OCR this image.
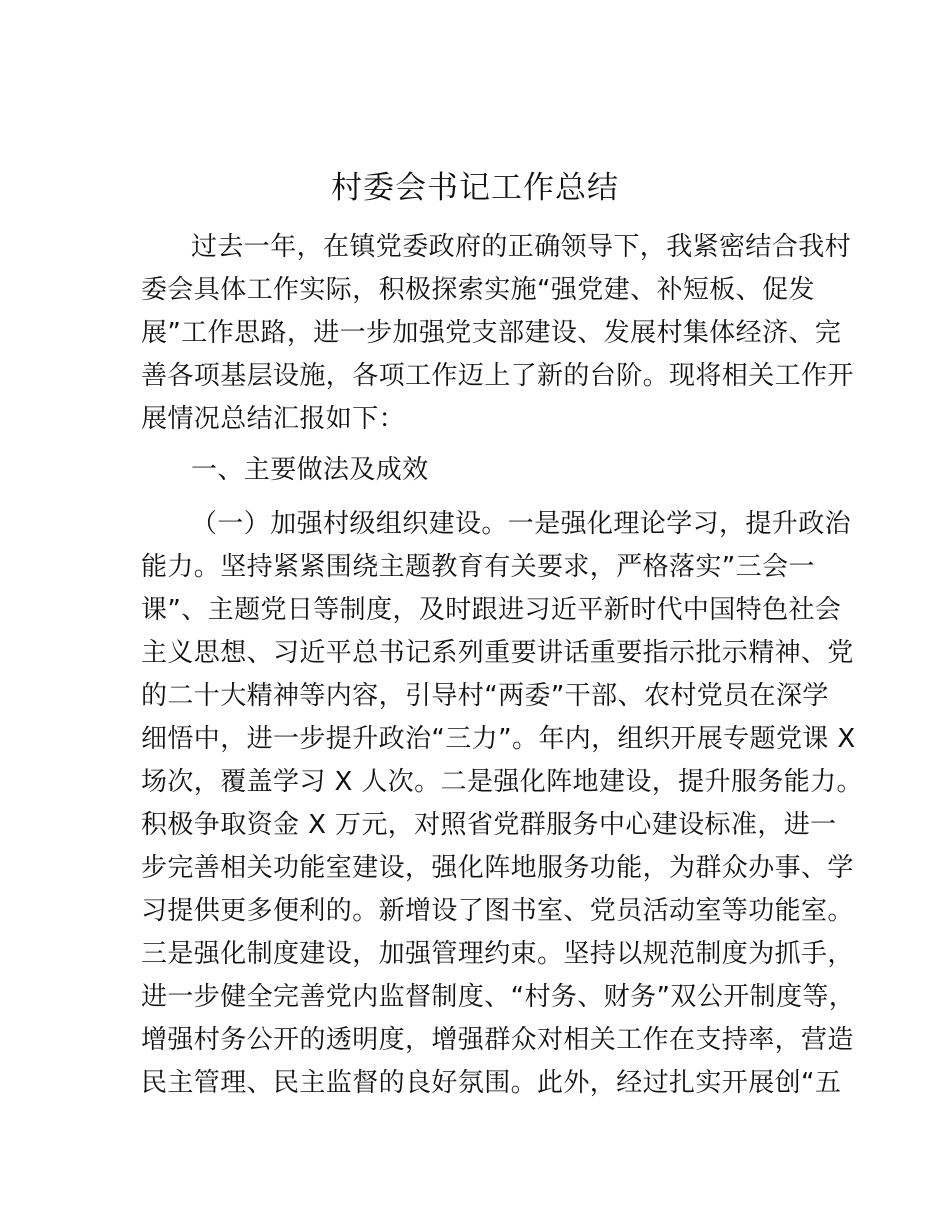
村委会书记工作总结

过去一年，在镇党委政府的正确领导下，我紧密结合我村

委会具体工作实际，积极探索实施“强党建、补短板、促发

展”工作思路，进一步加强党支部建设、发展村集体经济、完

善各项基层设施，各项工作迈上了新的台阶。现将相关工作开

展情况总结汇报如下：

一、主要做法及成效

（一）加强村级组织建设。一是强化理论学习，提升政治

能力。坚持紧紧围绕主题教育有关要求，严格落实”三会一

课”、主题党日等制度，及时跟进习近平新时代中国特色社会

主义思想、习近平总书记系列重要讲话重要指示批示精神、党

的二十大精神等内容，引导村“两委”干部、农村党员在深学

细悟中，进一步提升政治“三力”。年内，组织开展专题党课 X

场次，覆盖学习 X 人次。二是强化阵地建设，提升服务能力。

积极争取资金 X 万元，对照省党群服务中心建设标准，进一

步完善相关功能室建设，强化阵地服务功能，为群众办事、学

习提供更多便利的。新增设了图书室、党员活动室等功能室。

三是强化制度建设，加强管理约束。坚持以规范制度为抓手，

进一步健全完善党内监督制度、“村务、财务”双公开制度等，

增强村务公开的透明度，增强群众对相关工作在支持率，营造

民主管理、民主监督的良好氛围。此外，经过扎实开展创“五
